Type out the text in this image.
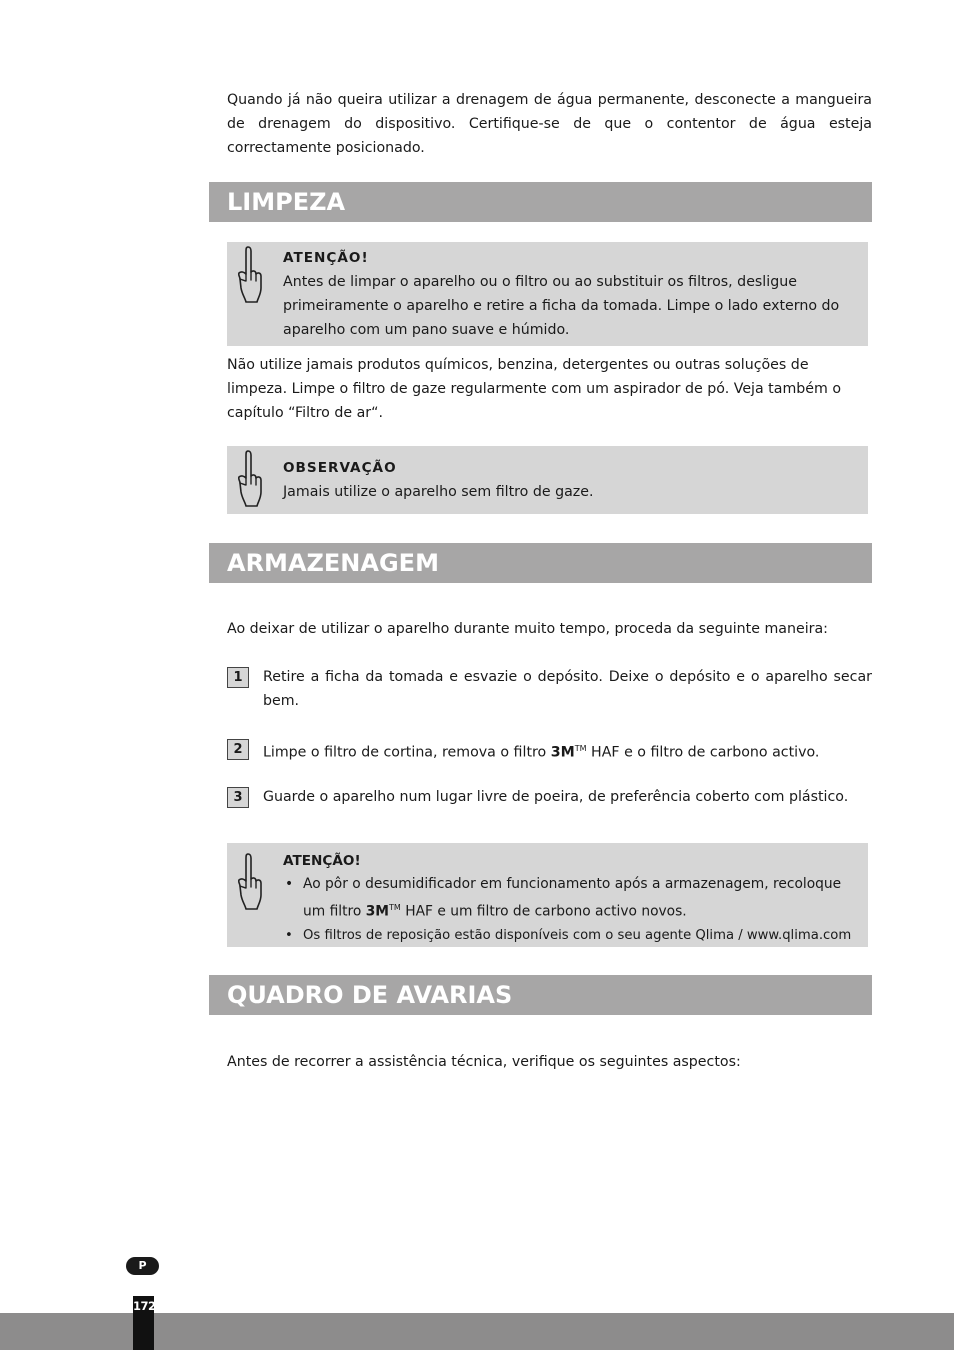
Quando já não queira utilizar a drenagem de água permanente, desconecte a mangueira de drenagem do dispositivo. Certifique-se de que o contentor de água esteja correctamente posicionado.

LIMPEZA
ATENÇÃO!
Antes de limpar o aparelho ou o filtro ou ao substituir os filtros, desligue primeiramente o aparelho e retire a ficha da tomada. Limpe o lado externo do aparelho com um pano suave e húmido.

Não utilize jamais produtos químicos, benzina, detergentes ou outras soluções de limpeza. Limpe o filtro de gaze regularmente com um aspirador de pó. Veja também o capítulo “Filtro de ar“.

OBSERVAÇÃO
Jamais utilize o aparelho sem filtro de gaze.
ARMAZENAGEM

Ao deixar de utilizar o aparelho durante muito tempo, proceda da seguinte maneira:

1	Retire a ficha da tomada e esvazie o depósito. Deixe o depósito e o aparelho secar bem.
2	Limpe o filtro de cortina, remova o filtro 3M™ HAF e o filtro de carbono activo.
3	Guarde o aparelho num lugar livre de poeira, de preferência coberto com plástico.
ATENÇÃO!
• Ao pôr o desumidificador em funcionamento após a armazenagem, recoloque um filtro 3M™ HAF e um filtro de carbono activo novos.
• Os filtros de reposição estão disponíveis com o seu agente Qlima / www.qlima.com
QUADRO DE AVARIAS

Antes de recorrer a assistência técnica, verifique os seguintes aspectos:

P
172
